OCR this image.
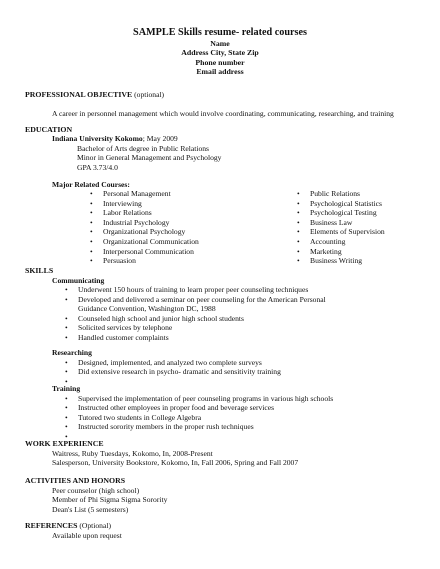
SAMPLE Skills resume- related courses
Name
Address City, State Zip
Phone number
Email address
PROFESSIONAL OBJECTIVE (optional)
A career in personnel management which would involve coordinating, communicating, researching, and training
EDUCATION
Indiana University Kokomo; May 2009
Bachelor of Arts degree in Public Relations
Minor in General Management and Psychology
GPA 3.73/4.0
Major Related Courses:
• Personal Management
• Interviewing
• Labor Relations
• Industrial Psychology
• Organizational Psychology
• Organizational Communication
• Interpersonal Communication
• Persuasion
• Public Relations
• Psychological Statistics
• Psychological Testing
• Business Law
• Elements of Supervision
• Accounting
• Marketing
• Business Writing
SKILLS
Communicating
• Underwent 150 hours of training to learn proper peer counseling techniques
• Developed and delivered a seminar on peer counseling for the American Personal
Guidance Convention, Washington DC, 1988
• Counseled high school and junior high school students
• Solicited services by telephone
• Handled customer complaints
Researching
• Designed, implemented, and analyzed two complete surveys
• Did extensive research in psycho- dramatic and sensitivity training
•
Training
• Supervised the implementation of peer counseling programs in various high schools
• Instructed other employees in proper food and beverage services
• Tutored two students in College Algebra
• Instructed sorority members in the proper rush techniques
•
WORK EXPERIENCE
Waitress, Ruby Tuesdays, Kokomo, In, 2008-Present
Salesperson, University Bookstore, Kokomo, In, Fall 2006, Spring and Fall 2007
ACTIVITIES AND HONORS
Peer counselor (high school)
Member of Phi Sigma Sigma Sorority
Dean's List (5 semesters)
REFERENCES (Optional)
Available upon request
